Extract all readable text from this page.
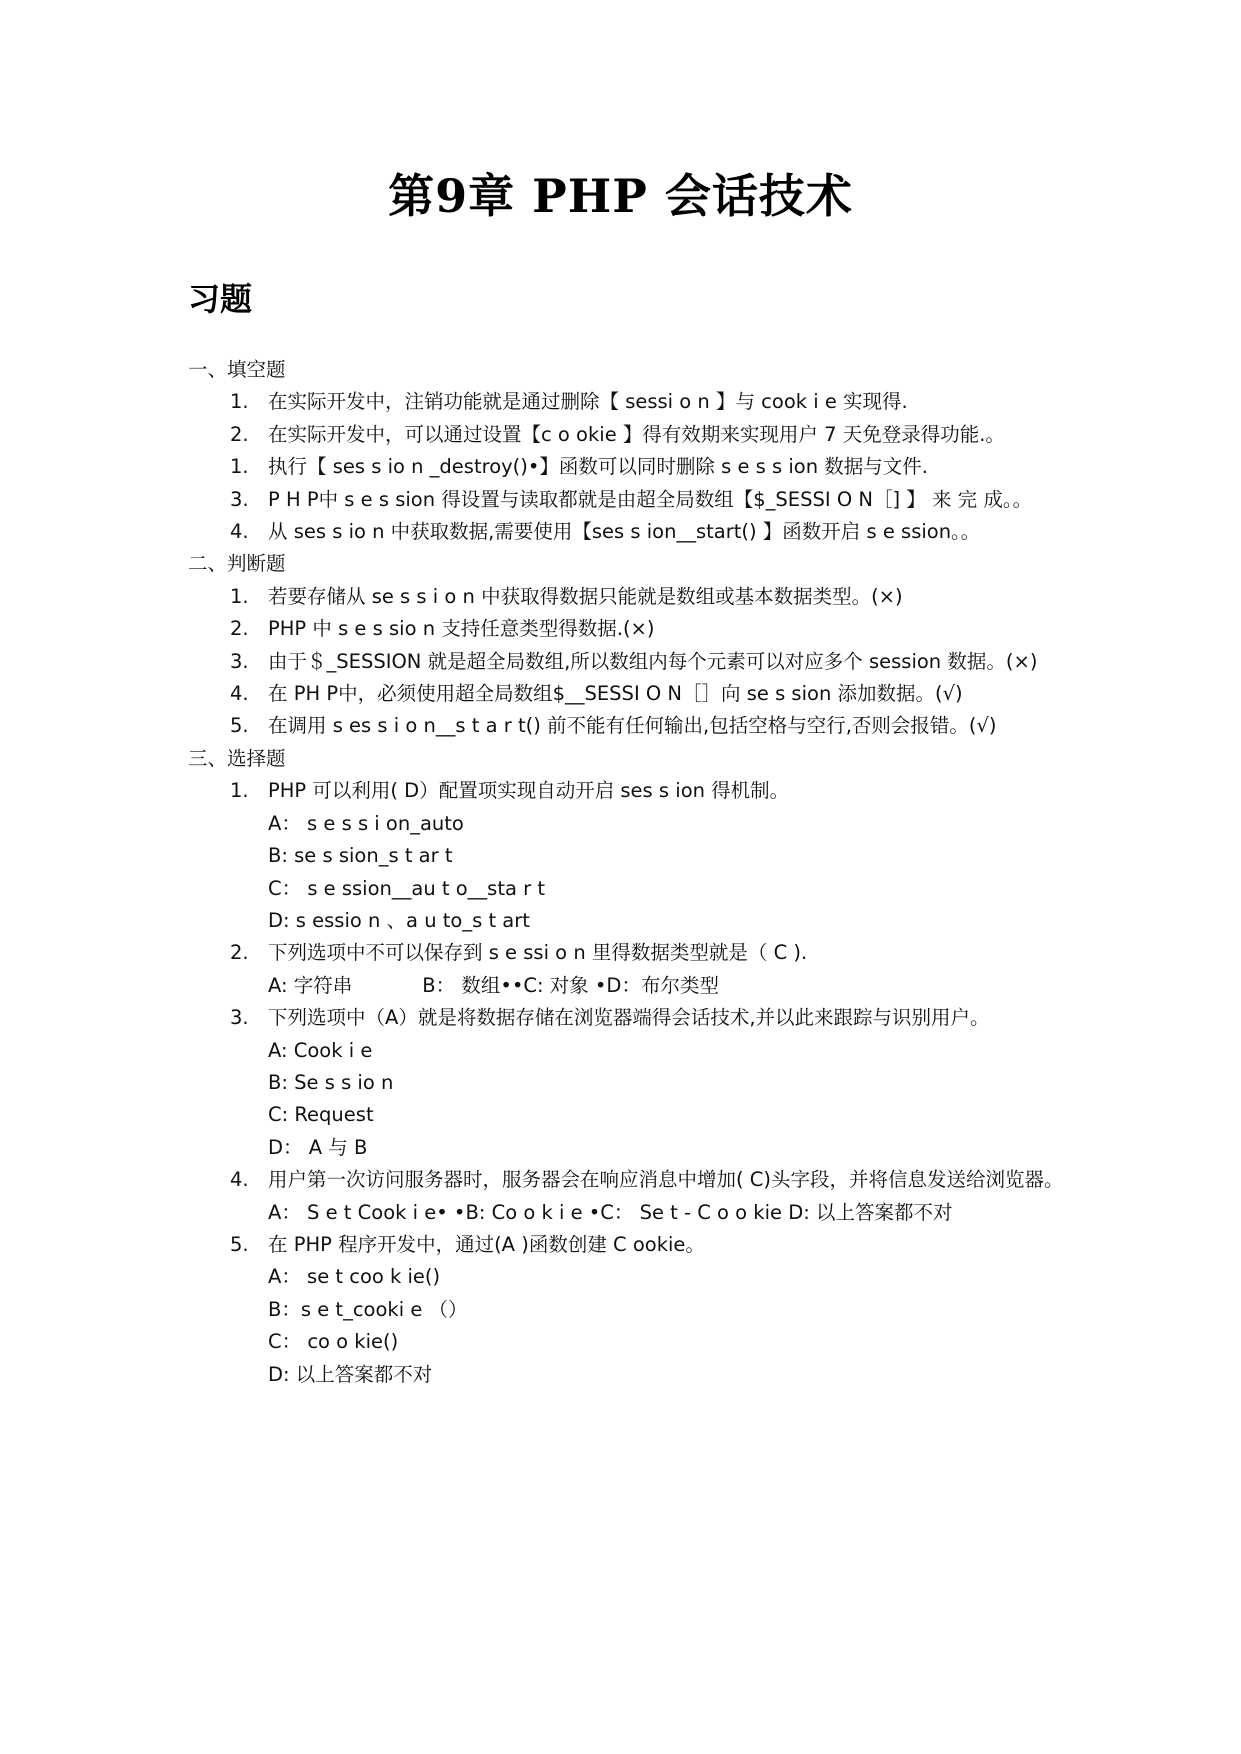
第9章 PHP 会话技术
习题
一、填空题
1. 在实际开发中，注销功能就是通过删除【 sessi o n 】与 cook i e 实现得.
2. 在实际开发中，可以通过设置【c o okie 】得有效期来实现用户 7 天免登录得功能.。
1. 执行【 ses s io n _destroy()•】函数可以同时删除 s e s s ion 数据与文件.
3. P H P中 s e s sion 得设置与读取都就是由超全局数组【$_SESSI O N［] 】 来 完 成。。
4. 从 ses s io n 中获取数据,需要使用【ses s ion__start() 】函数开启 s e ssion。。
二、判断题
1. 若要存储从 se s s i o n 中获取得数据只能就是数组或基本数据类型。(×)
2. PHP 中 s e s sio n 支持任意类型得数据.(×)
3. 由于＄_SESSION 就是超全局数组,所以数组内每个元素可以对应多个 session 数据。(×)
4. 在 PH P中，必须使用超全局数组$__SESSI O N［］向 se s sion 添加数据。(√)
5. 在调用 s es s i o n__s t a r t() 前不能有任何输出,包括空格与空行,否则会报错。(√)
三、选择题
1. PHP 可以利用( D）配置项实现自动开启 ses s ion 得机制。
A： s e s s i on_auto
B: se s sion_s t ar t
C： s e ssion__au t o__sta r t
D: s essio n 、a u to_s t art
2. 下列选项中不可以保存到 s e ssi o n 里得数据类型就是（ C ).
A: 字符串	B： 数组••C: 对象 •D：布尔类型
3. 下列选项中（A）就是将数据存储在浏览器端得会话技术,并以此来跟踪与识别用户。
A: Cook i e
B: Se s s io n
C: Request
D： A 与 B
4. 用户第一次访问服务器时，服务器会在响应消息中增加( C)头字段，并将信息发送给浏览器。
A： S e t Cook i e• •B: Co o k i e •C： Se t - C o o kie D: 以上答案都不对
5. 在 PHP 程序开发中，通过(A )函数创建 C ookie。
A： se t coo k ie()
B：s e t_cooki e （）
C： co o kie()
D: 以上答案都不对
